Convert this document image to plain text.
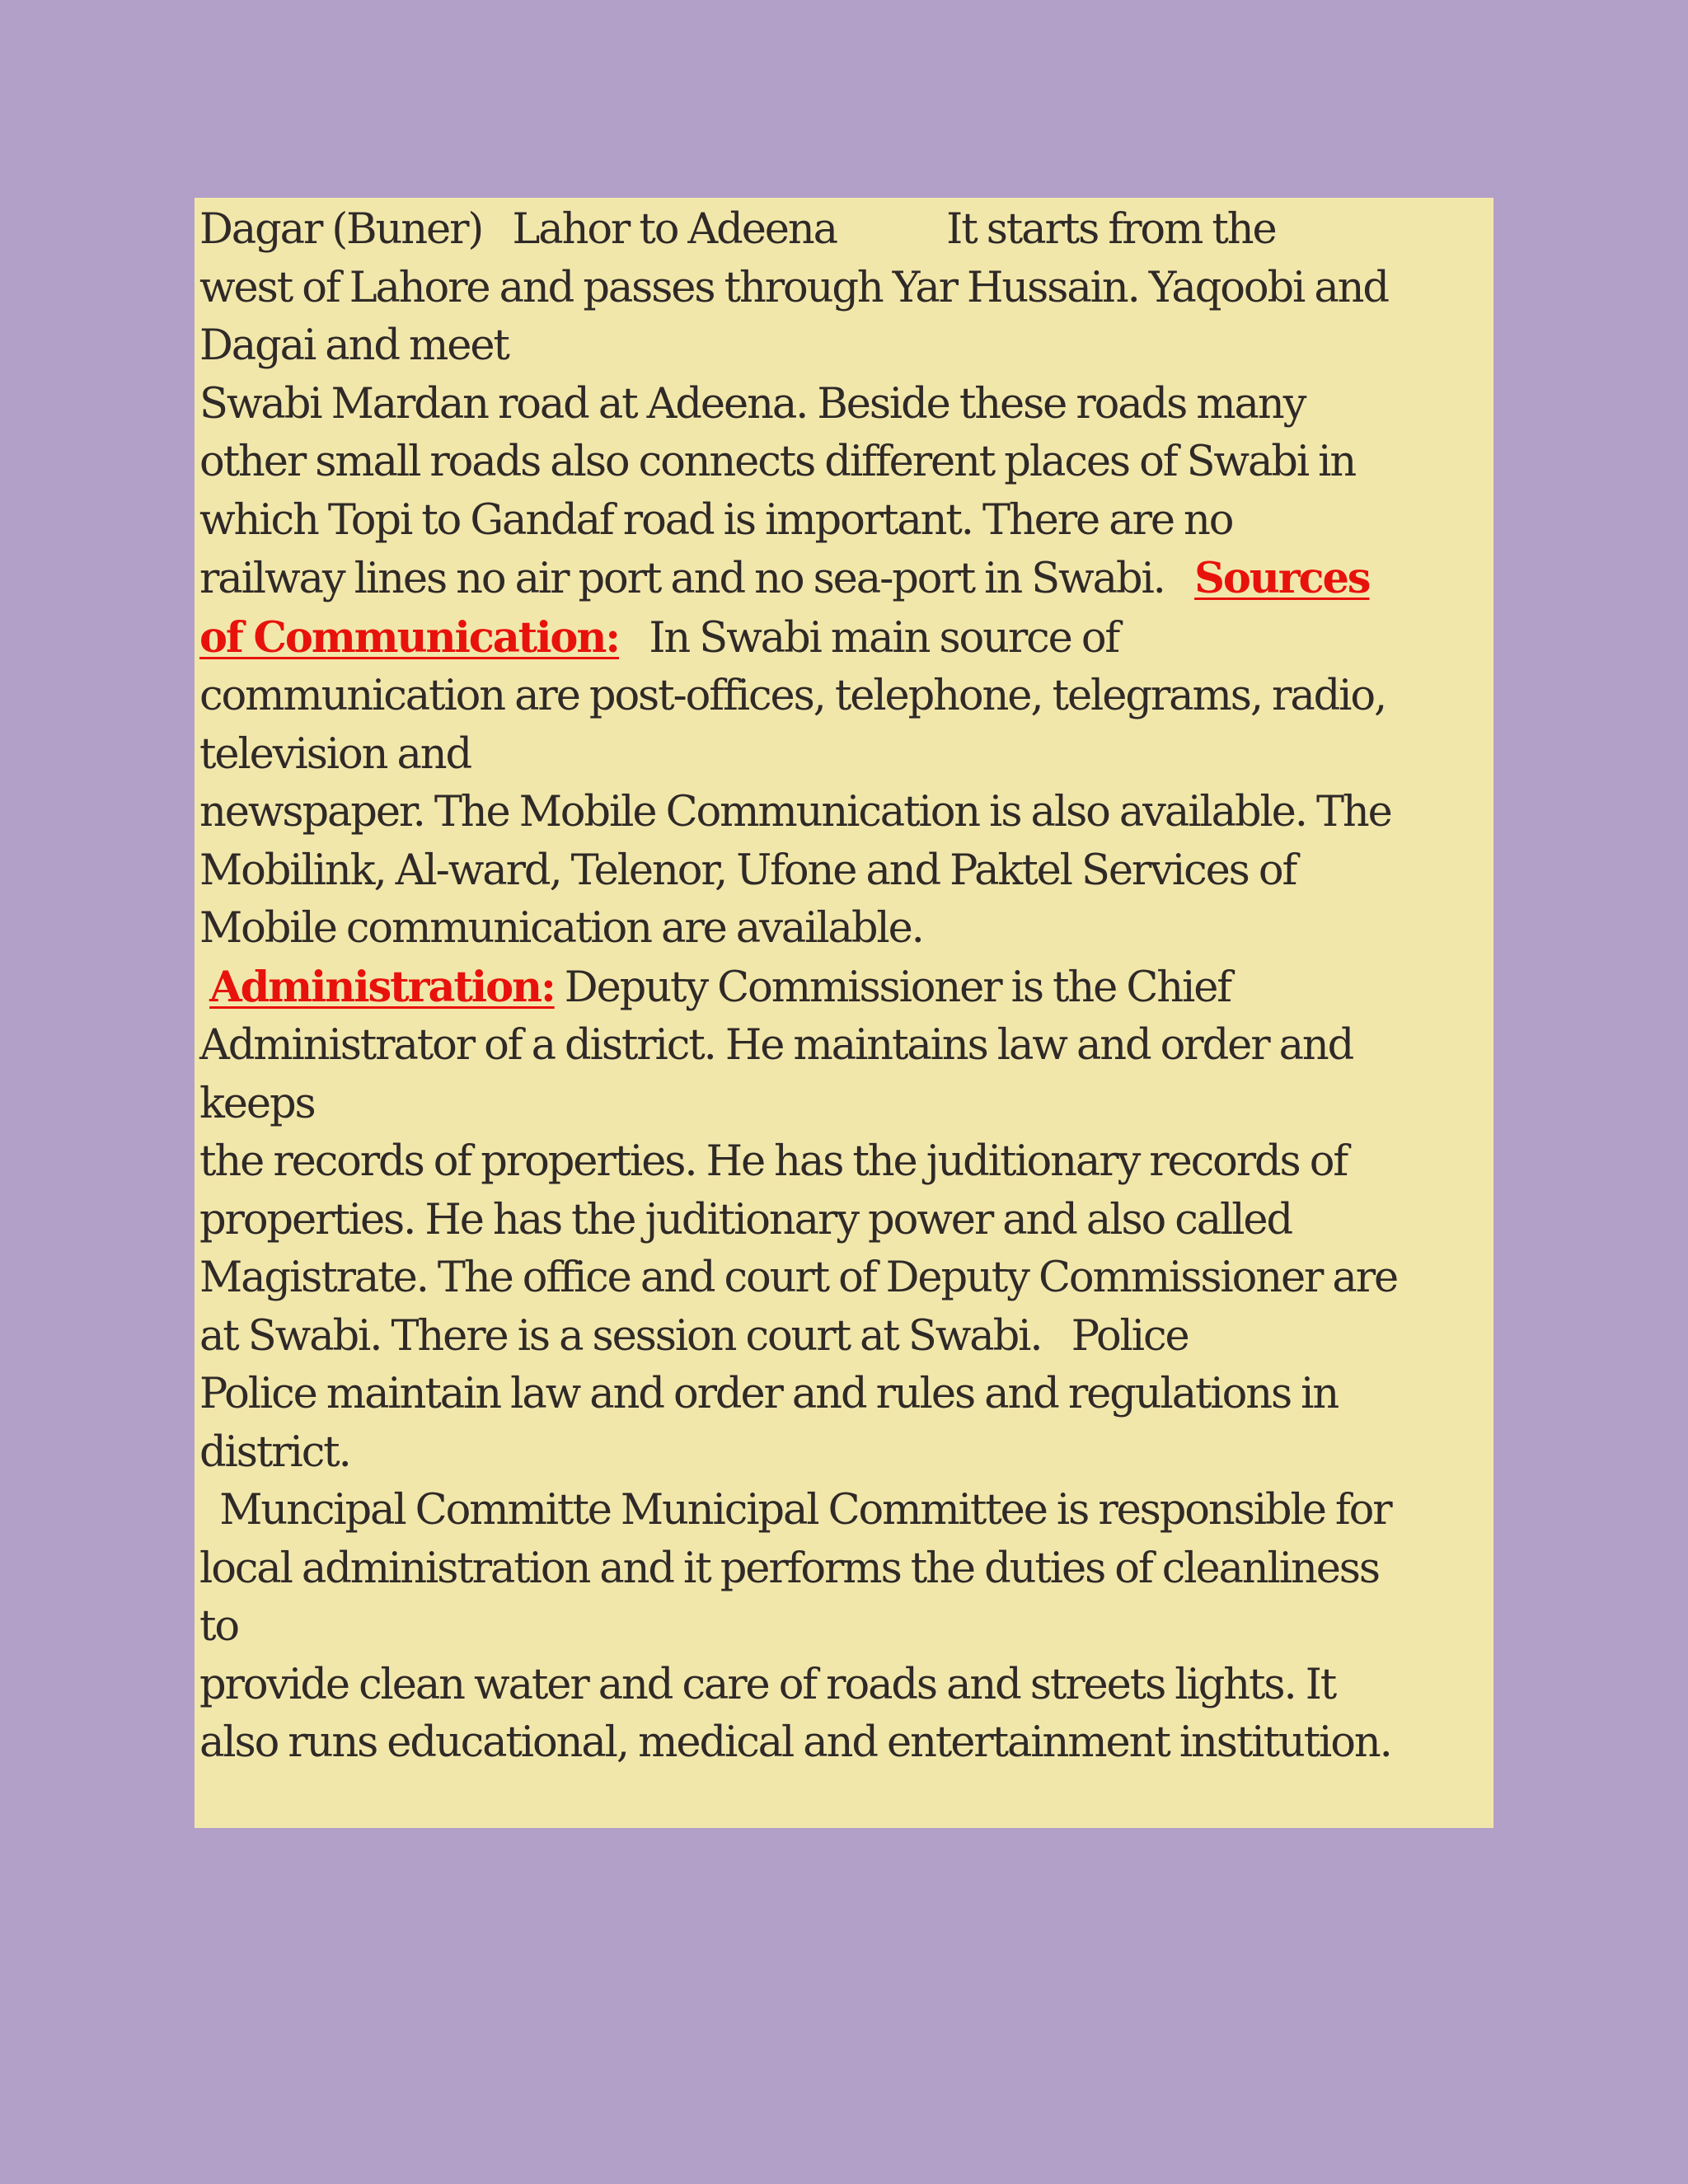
Dagar (Buner)   Lahor to Adeena           It starts from the
west of Lahore and passes through Yar Hussain. Yaqoobi and
Dagai and meet
Swabi Mardan road at Adeena. Beside these roads many
other small roads also connects different places of Swabi in
which Topi to Gandaf road is important. There are no
railway lines no air port and no sea-port in Swabi.   Sources
of Communication:   In Swabi main source of
communication are post-offices, telephone, telegrams, radio,
television and
newspaper. The Mobile Communication is also available. The
Mobilink, Al-ward, Telenor, Ufone and Paktel Services of
Mobile communication are available.
Administration: Deputy Commissioner is the Chief
Administrator of a district. He maintains law and order and
keeps
the records of properties. He has the juditionary records of
properties. He has the juditionary power and also called
Magistrate. The office and court of Deputy Commissioner are
at Swabi. There is a session court at Swabi.   Police
Police maintain law and order and rules and regulations in
district.
Muncipal Committe Municipal Committee is responsible for
local administration and it performs the duties of cleanliness
to
provide clean water and care of roads and streets lights. It
also runs educational, medical and entertainment institution.
